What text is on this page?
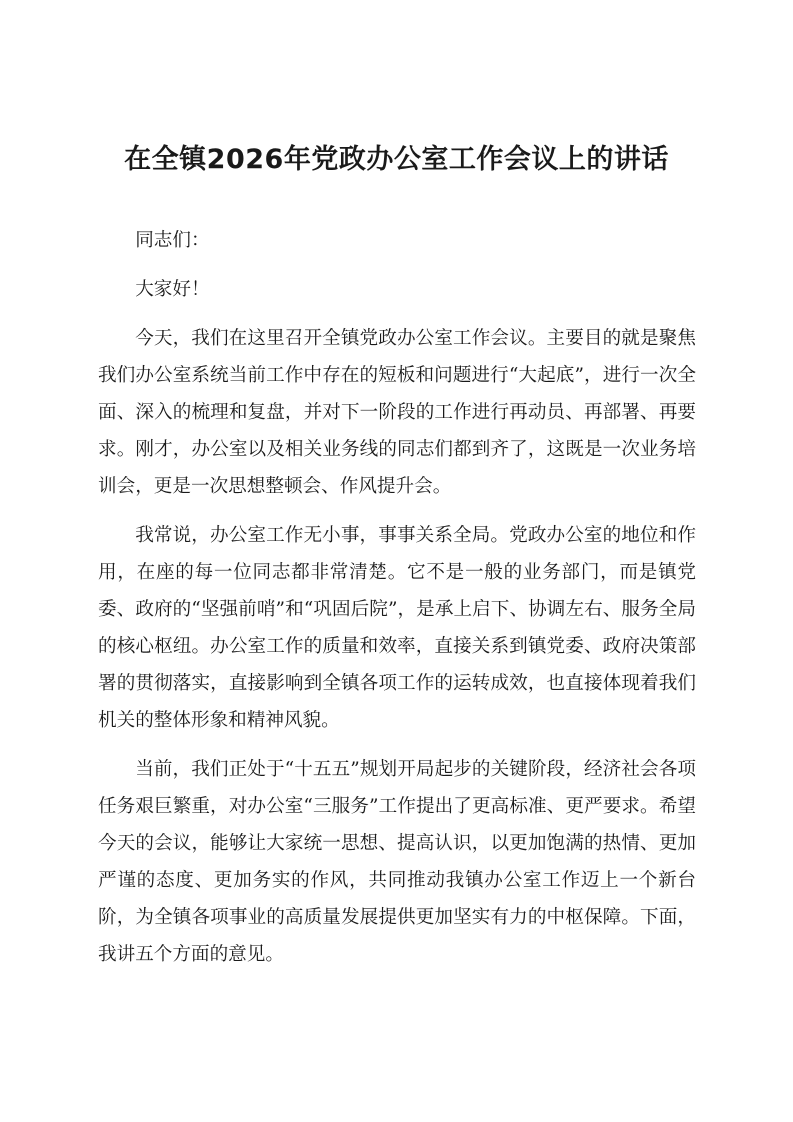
在全镇2026年党政办公室工作会议上的讲话

同志们：

大家好！

今天，我们在这里召开全镇党政办公室工作会议。主要目的就是聚焦我们办公室系统当前工作中存在的短板和问题进行“大起底”，进行一次全面、深入的梳理和复盘，并对下一阶段的工作进行再动员、再部署、再要求。刚才，办公室以及相关业务线的同志们都到齐了，这既是一次业务培训会，更是一次思想整顿会、作风提升会。

我常说，办公室工作无小事，事事关系全局。党政办公室的地位和作用，在座的每一位同志都非常清楚。它不是一般的业务部门，而是镇党委、政府的“坚强前哨”和“巩固后院”，是承上启下、协调左右、服务全局的核心枢纽。办公室工作的质量和效率，直接关系到镇党委、政府决策部署的贯彻落实，直接影响到全镇各项工作的运转成效，也直接体现着我们机关的整体形象和精神风貌。

当前，我们正处于“十五五”规划开局起步的关键阶段，经济社会各项任务艰巨繁重，对办公室“三服务”工作提出了更高标准、更严要求。希望今天的会议，能够让大家统一思想、提高认识，以更加饱满的热情、更加严谨的态度、更加务实的作风，共同推动我镇办公室工作迈上一个新台阶，为全镇各项事业的高质量发展提供更加坚实有力的中枢保障。下面，我讲五个方面的意见。
